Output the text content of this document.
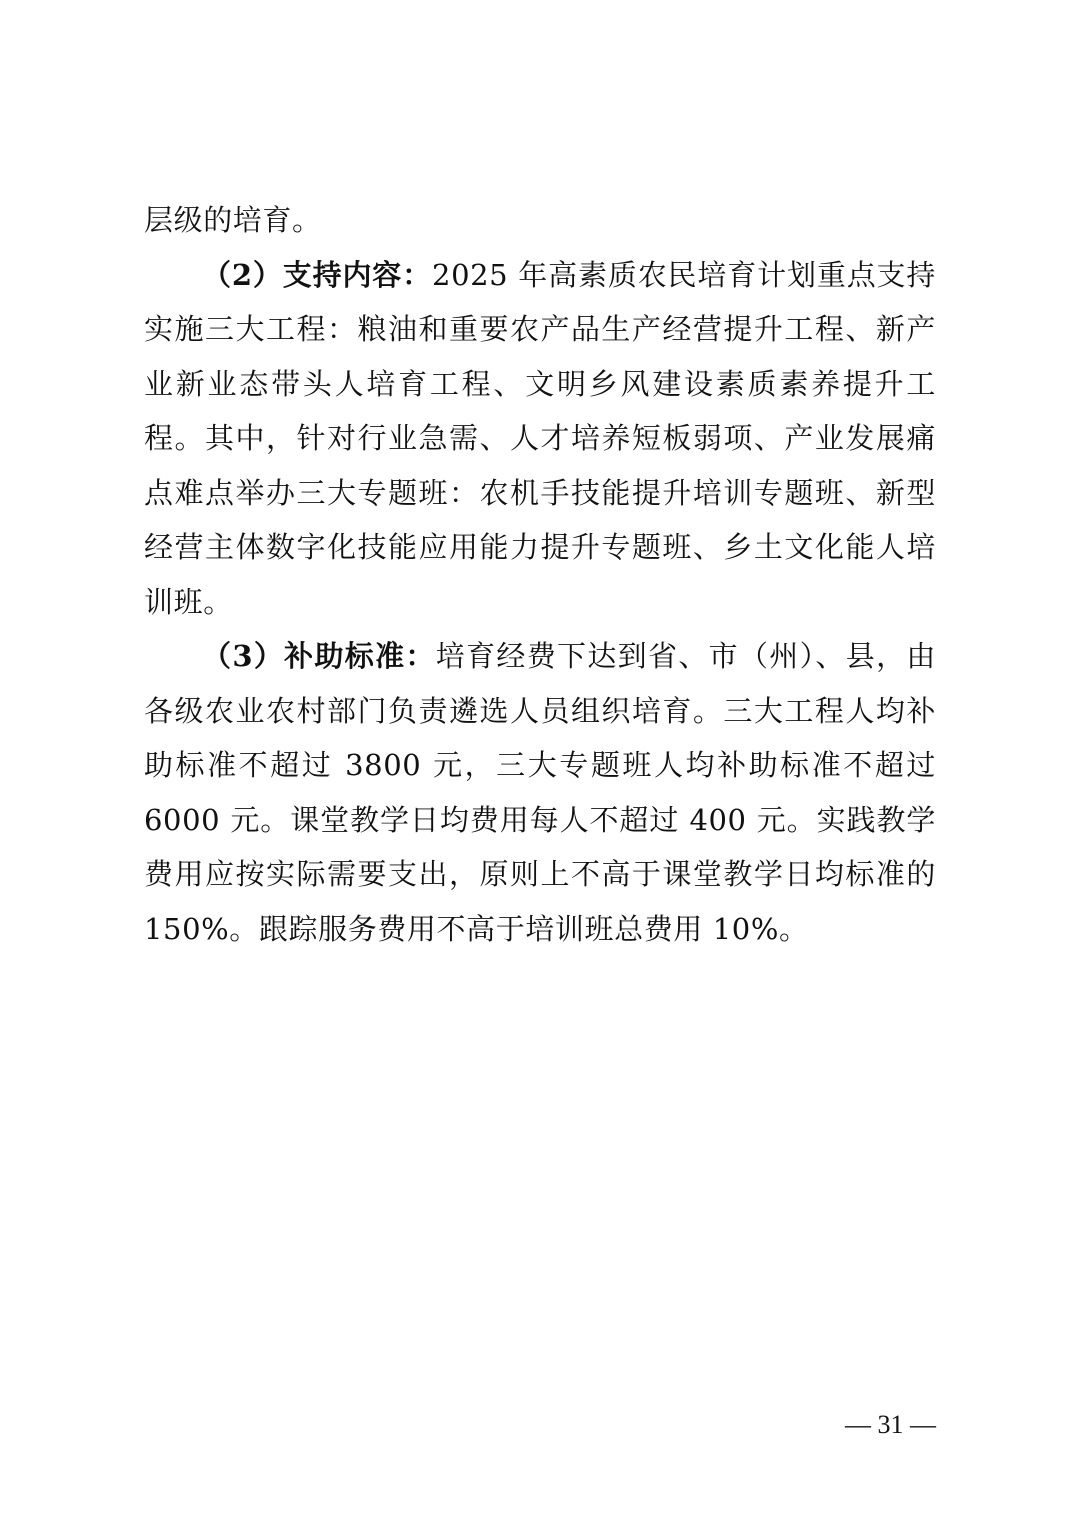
层级的培育。

（2）支持内容：2025 年高素质农民培育计划重点支持实施三大工程：粮油和重要农产品生产经营提升工程、新产业新业态带头人培育工程、文明乡风建设素质素养提升工程。其中，针对行业急需、人才培养短板弱项、产业发展痛点难点举办三大专题班：农机手技能提升培训专题班、新型经营主体数字化技能应用能力提升专题班、乡土文化能人培训班。

（3）补助标准：培育经费下达到省、市（州）、县，由各级农业农村部门负责遴选人员组织培育。三大工程人均补助标准不超过 3800 元，三大专题班人均补助标准不超过 6000 元。课堂教学日均费用每人不超过 400 元。实践教学费用应按实际需要支出，原则上不高于课堂教学日均标准的 150%。跟踪服务费用不高于培训班总费用 10%。

— 31 —
